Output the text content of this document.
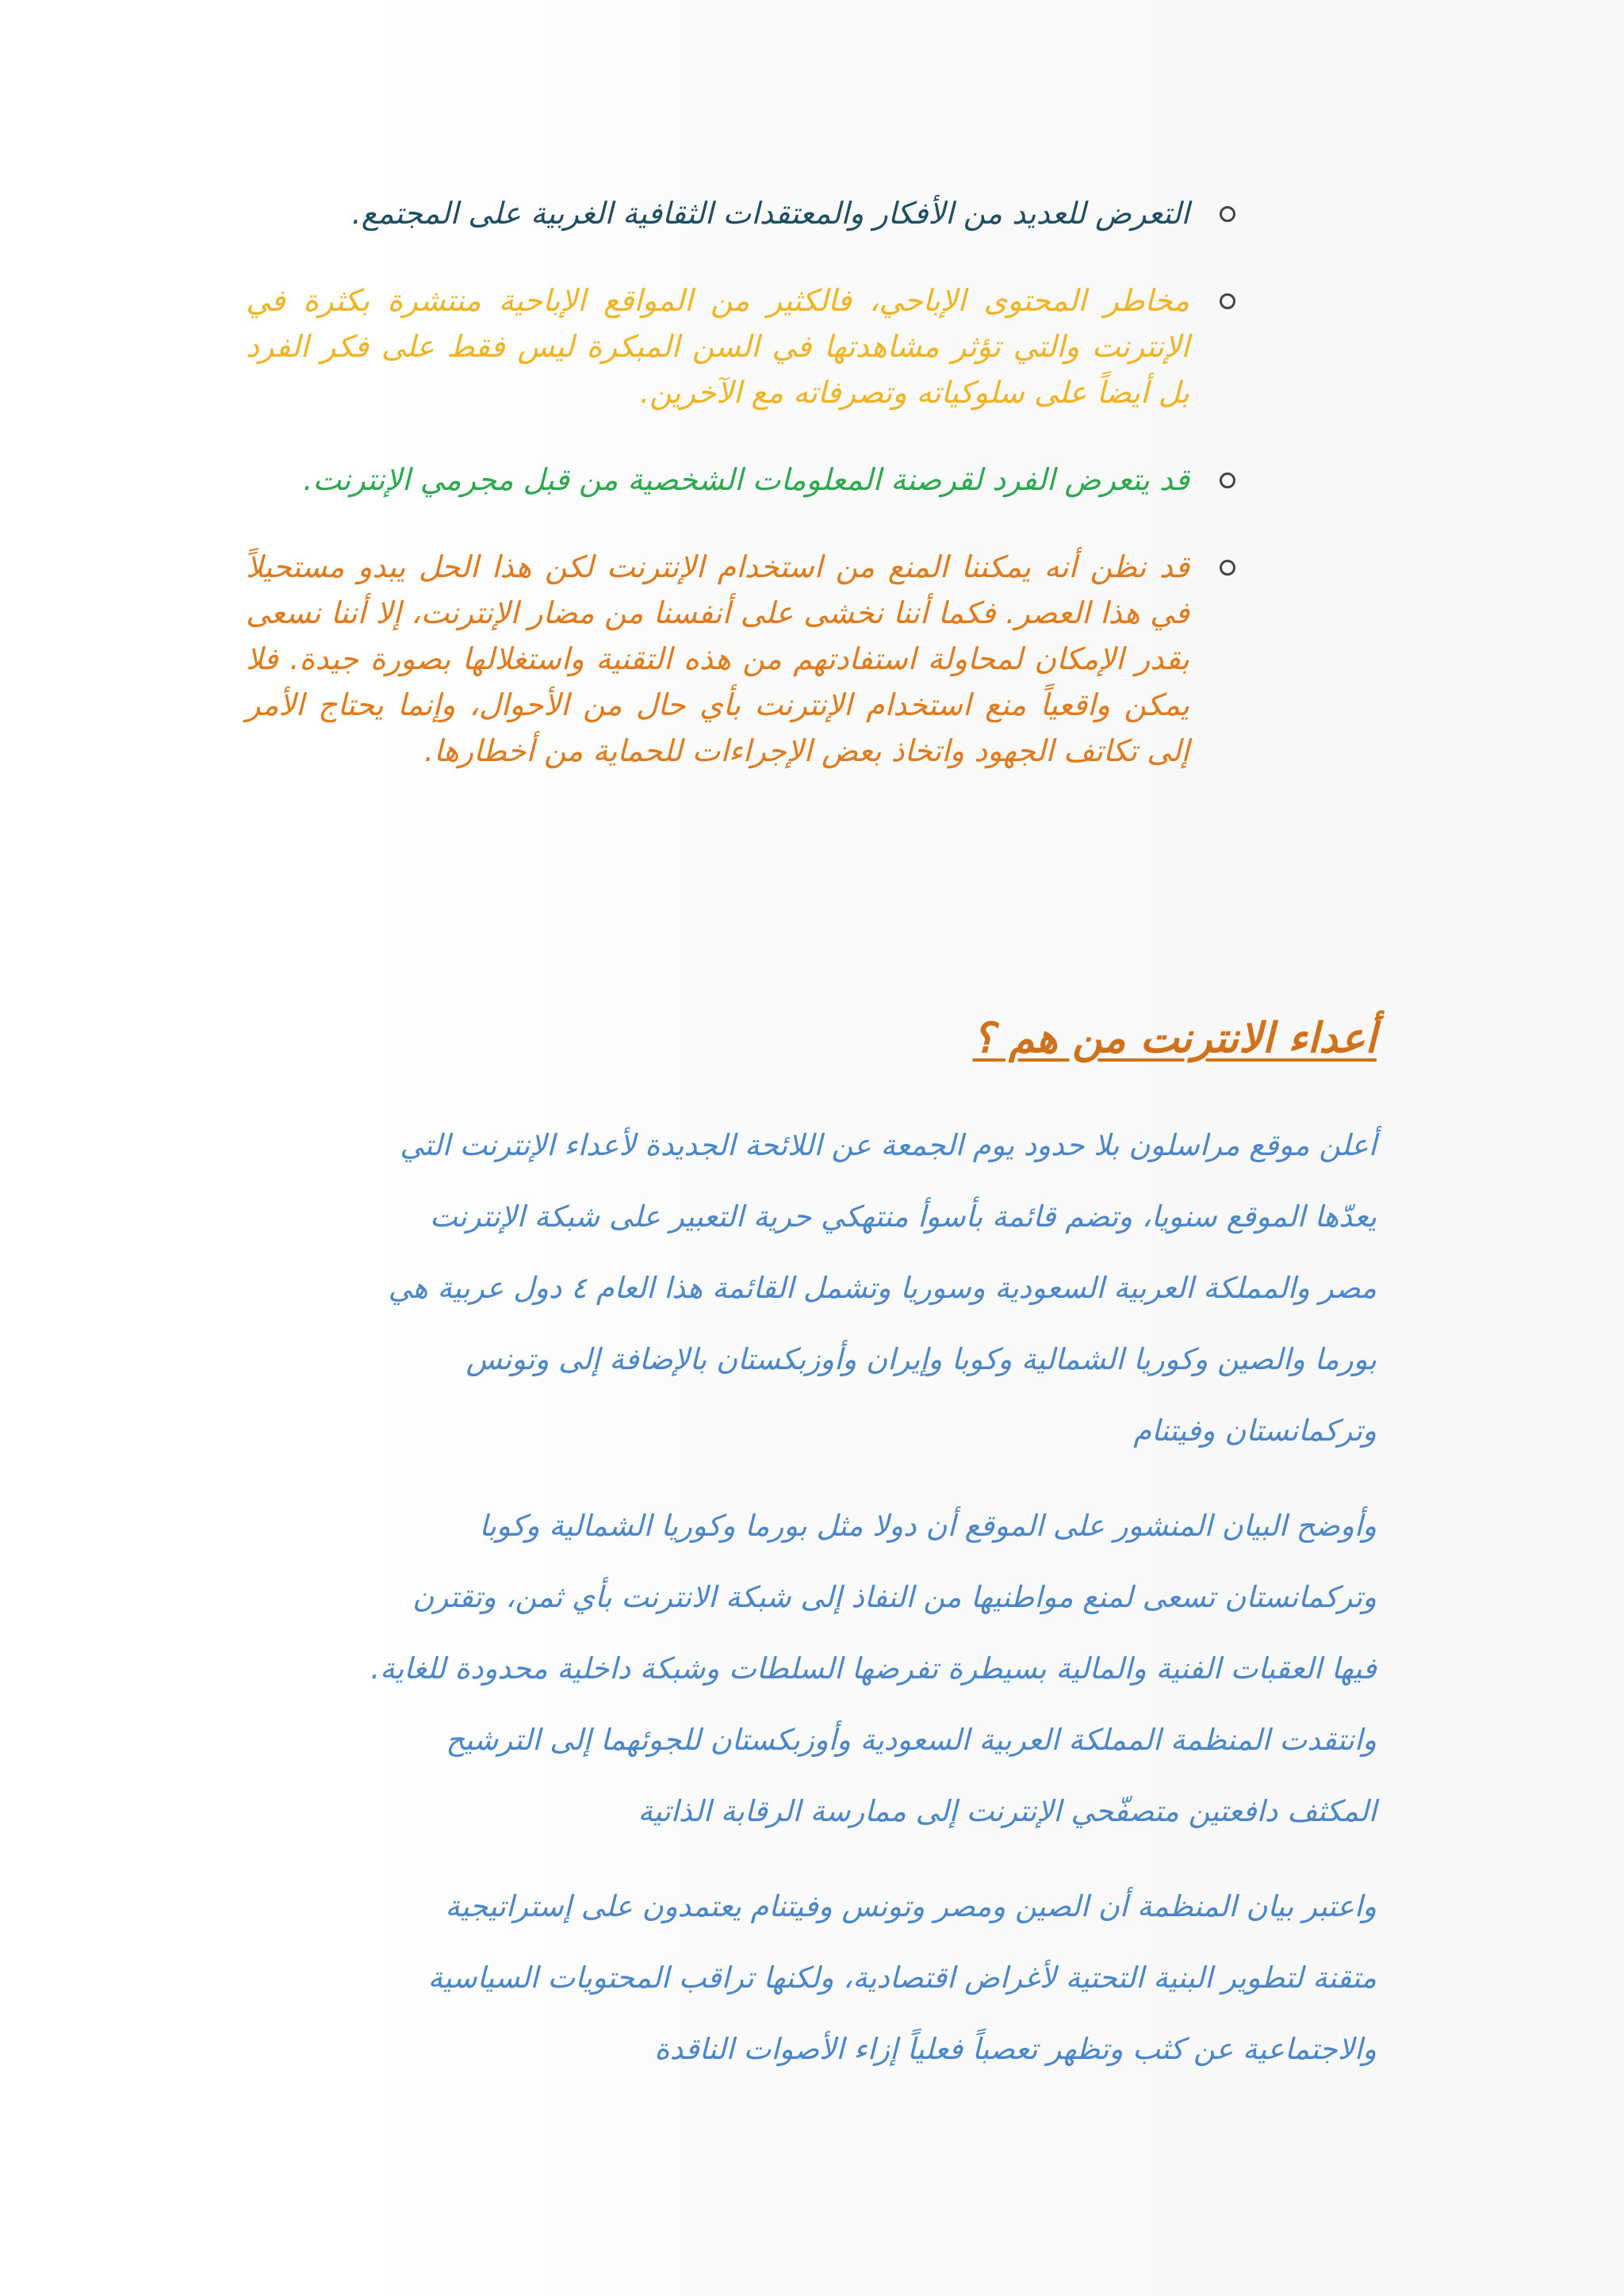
التعرض للعديد من الأفكار والمعتقدات الثقافية الغربية على المجتمع.
مخاطر المحتوى الإباحي، فالكثير من المواقع الإباحية منتشرة بكثرة في الإنترنت والتي تؤثر مشاهدتها في السن المبكرة ليس فقط على فكر الفرد بل أيضاً على سلوكياته وتصرفاته مع الآخرين.
قد يتعرض الفرد لقرصنة المعلومات الشخصية من قبل مجرمي الإنترنت.
قد نظن أنه يمكننا المنع من استخدام الإنترنت لكن هذا الحل يبدو مستحيلاً في هذا العصر. فكما أننا نخشى على أنفسنا من مضار الإنترنت، إلا أننا نسعى بقدر الإمكان لمحاولة استفادتهم من هذه التقنية واستغلالها بصورة جيدة. فلا يمكن واقعياً منع استخدام الإنترنت بأي حال من الأحوال، وإنما يحتاج الأمر إلى تكاتف الجهود واتخاذ بعض الإجراءات للحماية من أخطارها.
أعداء الانترنت من هم ؟
أعلن موقع مراسلون بلا حدود يوم الجمعة عن اللائحة الجديدة لأعداء الإنترنت التي
يعدّها الموقع سنويا، وتضم قائمة بأسوأ منتهكي حرية التعبير على شبكة الإنترنت
مصر والمملكة العربية السعودية وسوريا وتشمل القائمة هذا العام ٤ دول عربية هي
بورما والصين وكوريا الشمالية وكوبا وإيران وأوزبكستان بالإضافة إلى وتونس
وتركمانستان وفيتنام
وأوضح البيان المنشور على الموقع أن دولا مثل بورما وكوريا الشمالية وكوبا
وتركمانستان تسعى لمنع مواطنيها من النفاذ إلى شبكة الانترنت بأي ثمن، وتقترن
فيها العقبات الفنية والمالية بسيطرة تفرضها السلطات وشبكة داخلية محدودة للغاية.
وانتقدت المنظمة المملكة العربية السعودية وأوزبكستان للجوئهما إلى الترشيح
المكثف دافعتين متصفّحي الإنترنت إلى ممارسة الرقابة الذاتية
واعتبر بيان المنظمة أن الصين ومصر وتونس وفيتنام يعتمدون على إستراتيجية
متقنة لتطوير البنية التحتية لأغراض اقتصادية، ولكنها تراقب المحتويات السياسية
والاجتماعية عن كثب وتظهر تعصباً فعلياً إزاء الأصوات الناقدة
